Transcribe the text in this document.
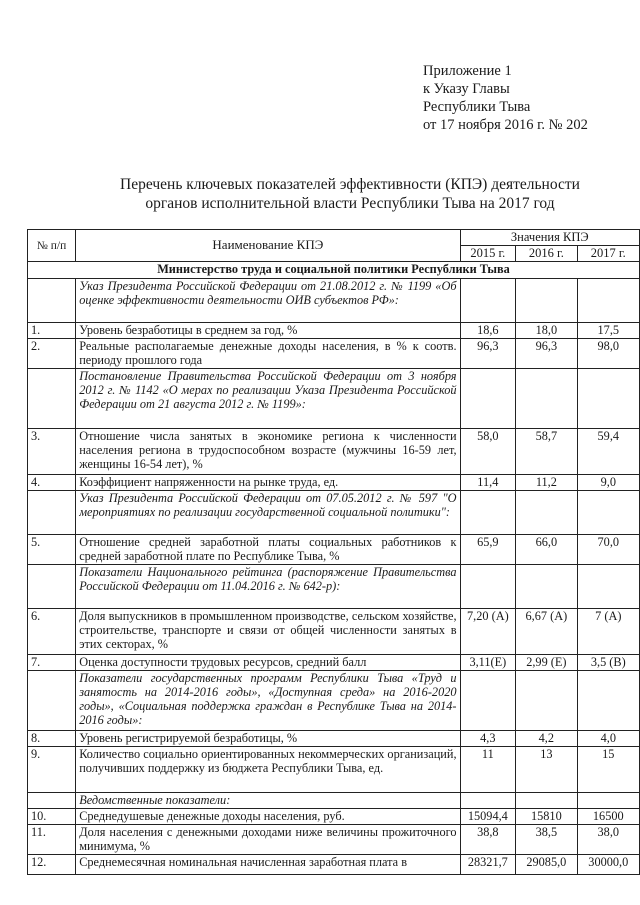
Приложение 1
к Указу Главы
Республики Тыва
от 17 ноября 2016 г. № 202
Перечень ключевых показателей эффективности (КПЭ) деятельности
органов исполнительной власти Республики Тыва на 2017 год
№ п/п	Наименование КПЭ	Значения КПЭ		
		2015 г.	2016 г.	2017 г.
Министерство труда и социальной политики Республики Тыва				
	Указ Президента Российской Федерации от 21.08.2012 г. № 1199 «Об оценке эффективности деятельности ОИВ субъектов РФ»:			
1.	Уровень безработицы в среднем за год, %	18,6	18,0	17,5
2.	Реальные располагаемые денежные доходы населения, в % к соотв. периоду прошлого года	96,3	96,3	98,0
	Постановление Правительства Российской Федерации от 3 ноября 2012 г. № 1142 «О мерах по реализации Указа Президента Российской Федерации от 21 августа 2012 г. № 1199»:			
3.	Отношение числа занятых в экономике региона к численности населения региона в трудоспособном возрасте (мужчины 16-59 лет, женщины 16-54 лет), %	58,0	58,7	59,4
4.	Коэффициент напряженности на рынке труда, ед.	11,4	11,2	9,0
	Указ Президента Российской Федерации от 07.05.2012 г. № 597 "О мероприятиях по реализации государственной социальной политики":			
5.	Отношение средней заработной платы социальных работников к средней заработной плате по Республике Тыва, %	65,9	66,0	70,0
	Показатели Национального рейтинга (распоряжение Правительства Российской Федерации от 11.04.2016 г. № 642-р):			
6.	Доля выпускников в промышленном производстве, сельском хозяйстве, строительстве, транспорте и связи от общей численности занятых в этих секторах, %	7,20 (А)	6,67 (А)	7 (А)
7.	Оценка доступности трудовых ресурсов, средний балл	3,11(Е)	2,99 (Е)	3,5 (В)
	Показатели государственных программ Республики Тыва «Труд и занятость на 2014-2016 годы», «Доступная среда» на 2016-2020 годы», «Социальная поддержка граждан в Республике Тыва на 2014-2016 годы»:			
8.	Уровень регистрируемой безработицы, %	4,3	4,2	4,0
9.	Количество социально ориентированных некоммерческих организаций, получивших поддержку из бюджета Республики Тыва, ед.	11	13	15
	Ведомственные показатели:			
10.	Среднедушевые денежные доходы населения, руб.	15094,4	15810	16500
11.	Доля населения с денежными доходами ниже величины прожиточного минимума, %	38,8	38,5	38,0
12.	Среднемесячная номинальная начисленная заработная плата в	28321,7	29085,0	30000,0
